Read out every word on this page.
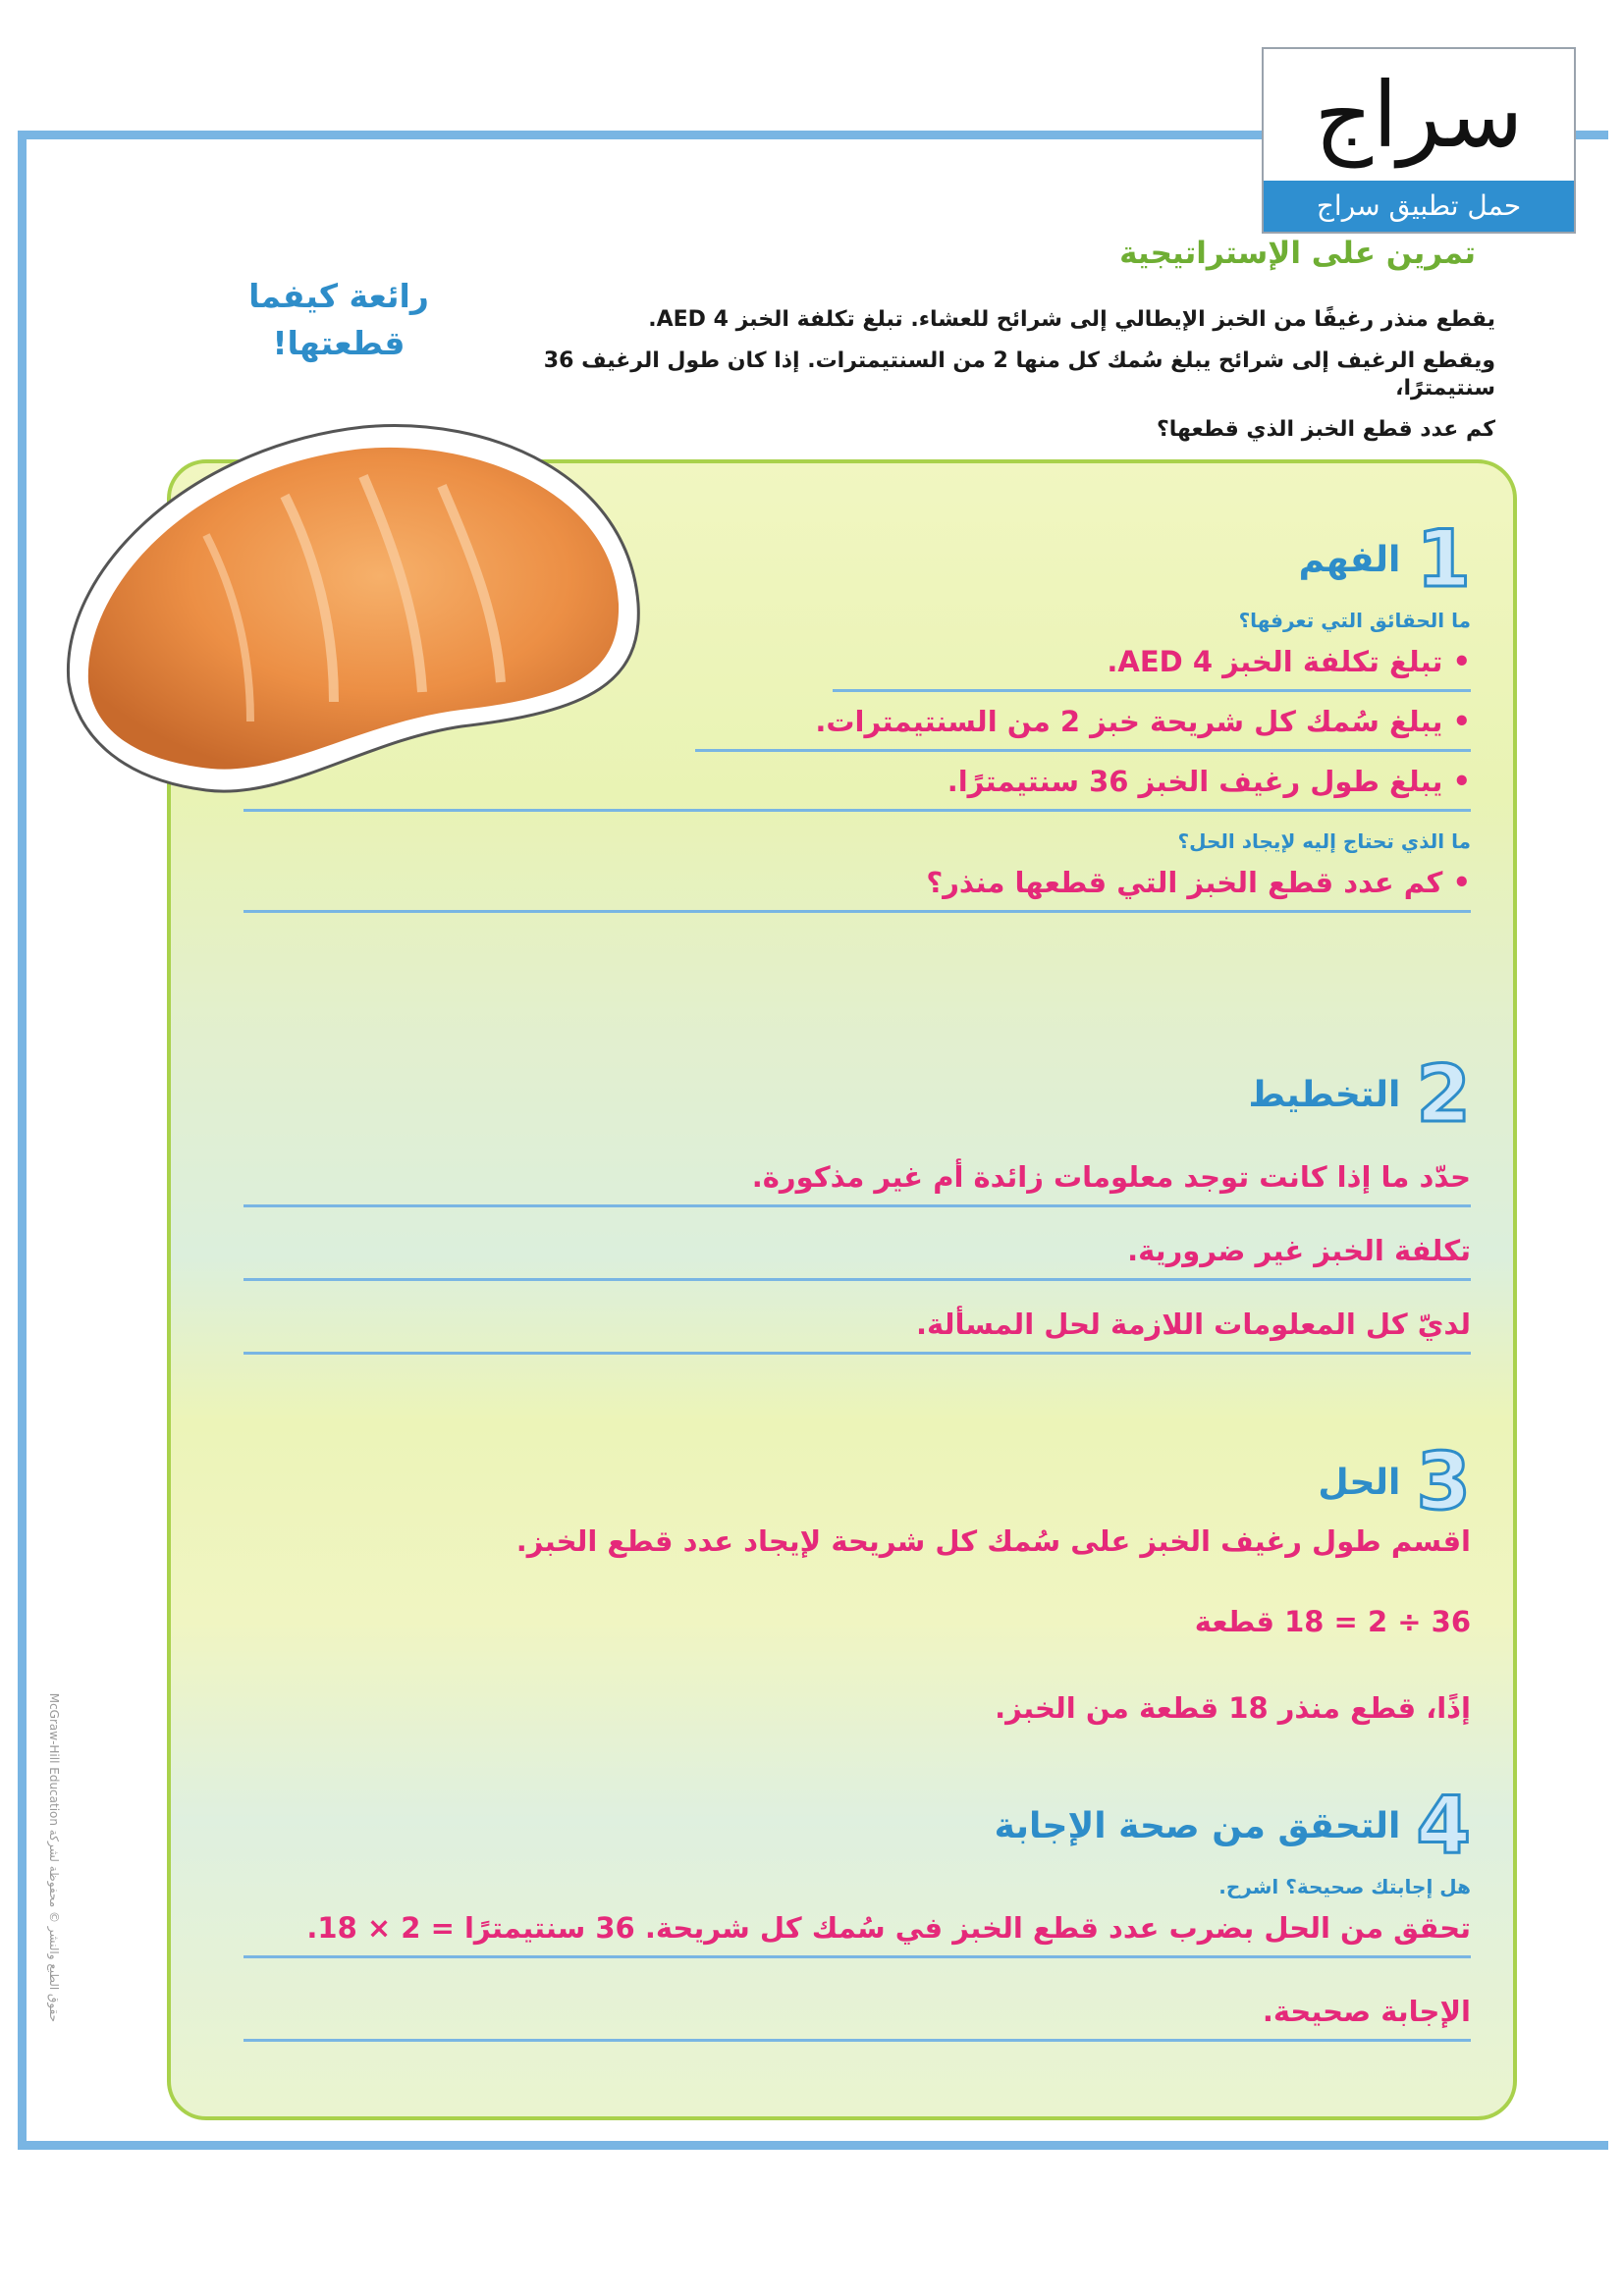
سراج
حمل تطبيق سراج
تمرين على الإستراتيجية
رائعة كيفما
قطعتها!

يقطع منذر رغيفًا من الخبز الإيطالي إلى شرائح للعشاء. تبلغ تكلفة الخبز AED 4.

ويقطع الرغيف إلى شرائح يبلغ سُمك كل منها 2 من السنتيمترات. إذا كان طول الرغيف 36 سنتيمترًا،

كم عدد قطع الخبز الذي قطعها؟

1
الفهم
ما الحقائق التي تعرفها؟
• تبلغ تكلفة الخبز AED 4.
• يبلغ سُمك كل شريحة خبز 2 من السنتيمترات.
• يبلغ طول رغيف الخبز 36 سنتيمترًا.
ما الذي تحتاج إليه لإيجاد الحل؟
• كم عدد قطع الخبز التي قطعها منذر؟
2
التخطيط
حدّد ما إذا كانت توجد معلومات زائدة أم غير مذكورة.
تكلفة الخبز غير ضرورية.
لديّ كل المعلومات اللازمة لحل المسألة.
3
الحل
اقسم طول رغيف الخبز على سُمك كل شريحة لإيجاد عدد قطع الخبز.
36 ÷ 2 = 18 قطعة
إذًا، قطع منذر 18 قطعة من الخبز.
4
التحقق من صحة الإجابة
هل إجابتك صحيحة؟ اشرح.
تحقق من الحل بضرب عدد قطع الخبز في سُمك كل شريحة. 36 سنتيمترًا = 2 × 18.
الإجابة صحيحة.
حقوق الطبع والنشر © محفوظة لشركة McGraw-Hill Education
